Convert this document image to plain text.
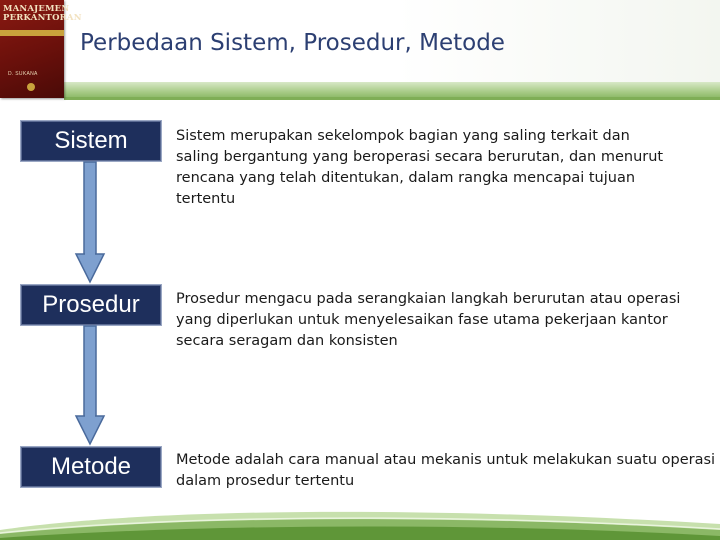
MANAJEMEN PERKANTORAN
D. SUKANA
Perbedaan Sistem, Prosedur, Metode
Sistem	Sistem merupakan sekelompok bagian yang saling terkait dan saling bergantung yang beroperasi secara berurutan, dan menurut rencana yang telah ditentukan, dalam rangka mencapai tujuan tertentu
Prosedur	Prosedur mengacu pada serangkaian langkah berurutan atau operasi yang diperlukan untuk menyelesaikan fase utama pekerjaan kantor secara seragam dan konsisten
Metode	Metode adalah cara manual atau mekanis untuk melakukan suatu operasi dalam prosedur tertentu
